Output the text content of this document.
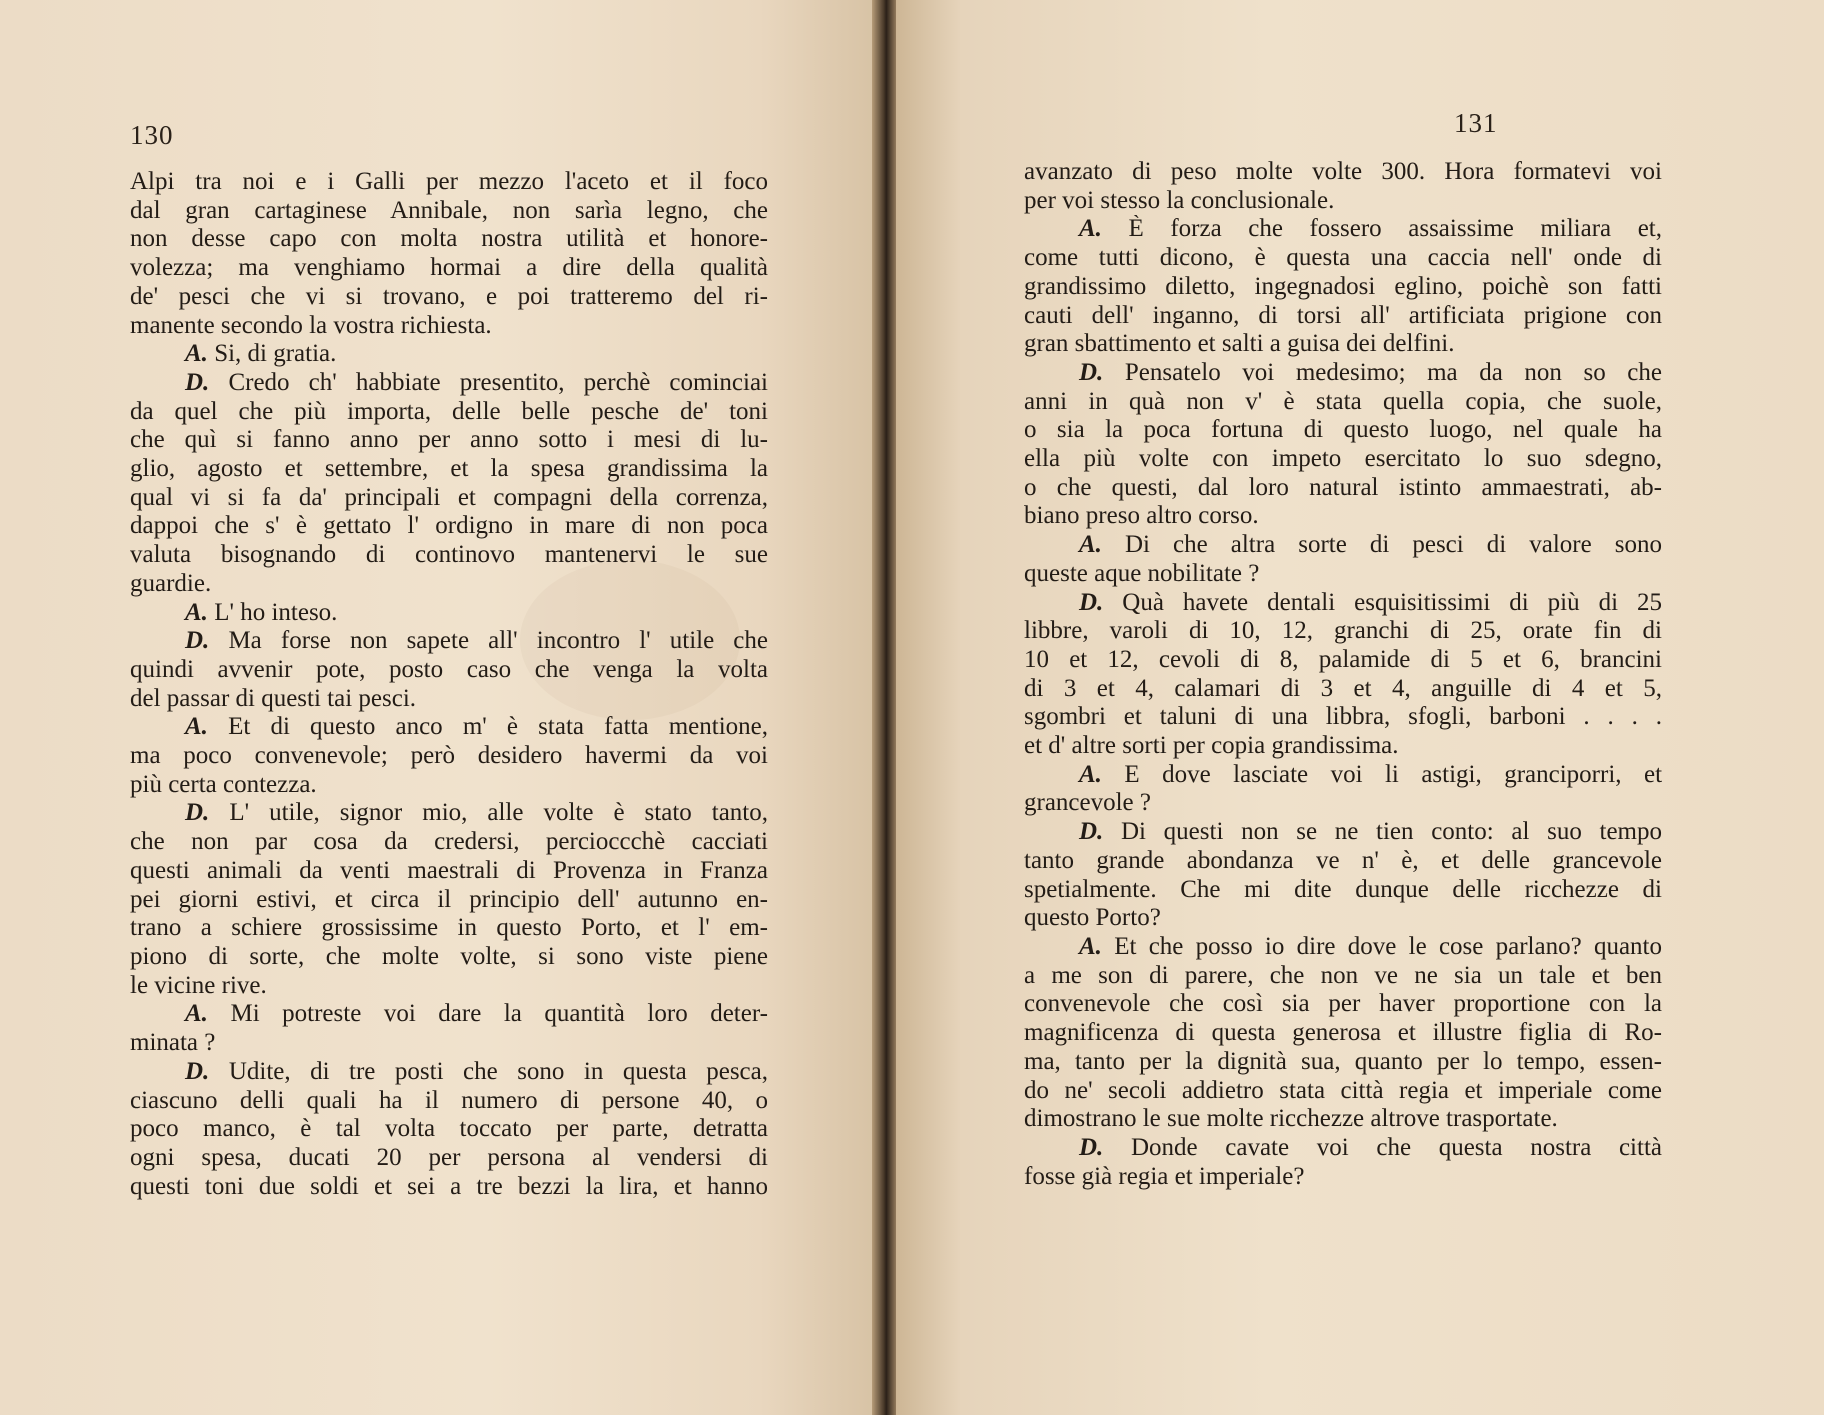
130
Alpi tra noi e i Galli per mezzo l'aceto et il foco
dal gran cartaginese Annibale, non sarìa legno, che
non desse capo con molta nostra utilità et honore-
volezza; ma venghiamo hormai a dire della qualità
de' pesci che vi si trovano, e poi tratteremo del ri-
manente secondo la vostra richiesta.
A. Si, di gratia.
D. Credo ch' habbiate presentito, perchè cominciai
da quel che più importa, delle belle pesche de' toni
che quì si fanno anno per anno sotto i mesi di lu-
glio, agosto et settembre, et la spesa grandissima la
qual vi si fa da' principali et compagni della correnza,
dappoi che s' è gettato l' ordigno in mare di non poca
valuta bisognando di continovo mantenervi le sue
guardie.
A. L' ho inteso.
D. Ma forse non sapete all' incontro l' utile che
quindi avvenir pote, posto caso che venga la volta
del passar di questi tai pesci.
A. Et di questo anco m' è stata fatta mentione,
ma poco convenevole; però desidero havermi da voi
più certa contezza.
D. L' utile, signor mio, alle volte è stato tanto,
che non par cosa da credersi, percioccchè cacciati
questi animali da venti maestrali di Provenza in Franza
pei giorni estivi, et circa il principio dell' autunno en-
trano a schiere grossissime in questo Porto, et l' em-
piono di sorte, che molte volte, si sono viste piene
le vicine rive.
A. Mi potreste voi dare la quantità loro deter-
minata ?
D. Udite, di tre posti che sono in questa pesca,
ciascuno delli quali ha il numero di persone 40, o
poco manco, è tal volta toccato per parte, detratta
ogni spesa, ducati 20 per persona al vendersi di
questi toni due soldi et sei a tre bezzi la lira, et hanno
131
avanzato di peso molte volte 300. Hora formatevi voi
per voi stesso la conclusionale.
A. È forza che fossero assaissime miliara et,
come tutti dicono, è questa una caccia nell' onde di
grandissimo diletto, ingegnadosi eglino, poichè son fatti
cauti dell' inganno, di torsi all' artificiata prigione con
gran sbattimento et salti a guisa dei delfini.
D. Pensatelo voi medesimo; ma da non so che
anni in quà non v' è stata quella copia, che suole,
o sia la poca fortuna di questo luogo, nel quale ha
ella più volte con impeto esercitato lo suo sdegno,
o che questi, dal loro natural istinto ammaestrati, ab-
biano preso altro corso.
A. Di che altra sorte di pesci di valore sono
queste aque nobilitate ?
D. Quà havete dentali esquisitissimi di più di 25
libbre, varoli di 10, 12, granchi di 25, orate fin di
10 et 12, cevoli di 8, palamide di 5 et 6, brancini
di 3 et 4, calamari di 3 et 4, anguille di 4 et 5,
sgombri et taluni di una libbra, sfogli, barboni . . . .
et d' altre sorti per copia grandissima.
A. E dove lasciate voi li astigi, granciporri, et
grancevole ?
D. Di questi non se ne tien conto: al suo tempo
tanto grande abondanza ve n' è, et delle grancevole
spetialmente. Che mi dite dunque delle ricchezze di
questo Porto?
A. Et che posso io dire dove le cose parlano? quanto
a me son di parere, che non ve ne sia un tale et ben
convenevole che così sia per haver proportione con la
magnificenza di questa generosa et illustre figlia di Ro-
ma, tanto per la dignità sua, quanto per lo tempo, essen-
do ne' secoli addietro stata città regia et imperiale come
dimostrano le sue molte ricchezze altrove trasportate.
D. Donde cavate voi che questa nostra città
fosse già regia et imperiale?
